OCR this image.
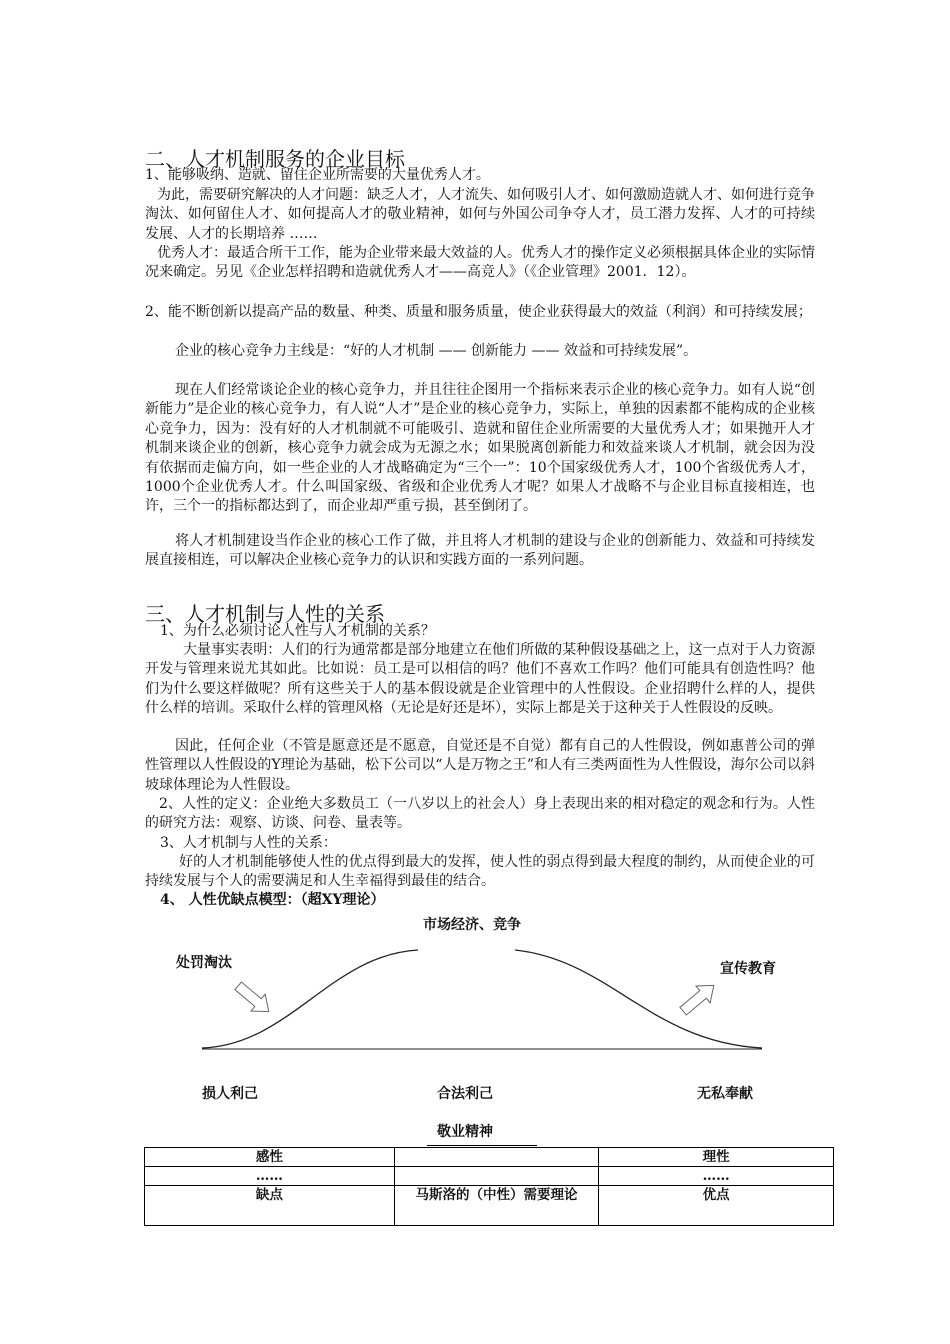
二、人才机制服务的企业目标
1、能够吸纳、造就、留住企业所需要的大量优秀人才。
为此，需要研究解决的人才问题：缺乏人才，人才流失、如何吸引人才、如何激励造就人才、如何进行竞争淘汰、如何留住人才、如何提高人才的敬业精神，如何与外国公司争夺人才，员工潜力发挥、人才的可持续发展、人才的长期培养 ……
优秀人才：最适合所干工作，能为企业带来最大效益的人。优秀人才的操作定义必须根据具体企业的实际情况来确定。另见《企业怎样招聘和造就优秀人才——高竞人》（《企业管理》2001．12）。
2、能不断创新以提高产品的数量、种类、质量和服务质量，使企业获得最大的效益（利润）和可持续发展；
企业的核心竞争力主线是：“好的人才机制 —— 创新能力 —— 效益和可持续发展”。
现在人们经常谈论企业的核心竞争力，并且往往企图用一个指标来表示企业的核心竞争力。如有人说“创新能力”是企业的核心竞争力，有人说“人才”是企业的核心竞争力，实际上，单独的因素都不能构成的企业核心竞争力，因为：没有好的人才机制就不可能吸引、造就和留住企业所需要的大量优秀人才；如果抛开人才机制来谈企业的创新，核心竞争力就会成为无源之水；如果脱离创新能力和效益来谈人才机制，就会因为没有依据而走偏方向，如一些企业的人才战略确定为“三个一”：10个国家级优秀人才，100个省级优秀人才，1000个企业优秀人才。什么叫国家级、省级和企业优秀人才呢？如果人才战略不与企业目标直接相连，也许，三个一的指标都达到了，而企业却严重亏损，甚至倒闭了。
将人才机制建设当作企业的核心工作了做，并且将人才机制的建设与企业的创新能力、效益和可持续发展直接相连，可以解决企业核心竞争力的认识和实践方面的一系列问题。
三、人才机制与人性的关系
1、为什么必须讨论人性与人才机制的关系？
大量事实表明：人们的行为通常都是部分地建立在他们所做的某种假设基础之上，这一点对于人力资源开发与管理来说尤其如此。比如说：员工是可以相信的吗？他们不喜欢工作吗？他们可能具有创造性吗？他们为什么要这样做呢？所有这些关于人的基本假设就是企业管理中的人性假设。企业招聘什么样的人，提供什么样的培训。采取什么样的管理风格（无论是好还是坏），实际上都是关于这种关于人性假设的反映。
因此，任何企业（不管是愿意还是不愿意，自觉还是不自觉）都有自己的人性假设，例如惠普公司的弹性管理以人性假设的Y理论为基础，松下公司以“人是万物之王”和人有三类两面性为人性假设，海尔公司以斜坡球体理论为人性假设。
2、人性的定义：企业绝大多数员工（一八岁以上的社会人）身上表现出来的相对稳定的观念和行为。人性的研究方法：观察、访谈、问卷、量表等。
3、人才机制与人性的关系：
好的人才机制能够使人性的优点得到最大的发挥，使人性的弱点得到最大程度的制约，从而使企业的可持续发展与个人的需要满足和人生幸福得到最佳的结合。
4、 人性优缺点模型：（超XY理论）
市场经济、竞争
处罚淘汰	宣传教育
损人利己	合法利己	无私奉献
敬业精神
感性		理性
……		……
缺点	马斯洛的（中性）需要理论	优点
